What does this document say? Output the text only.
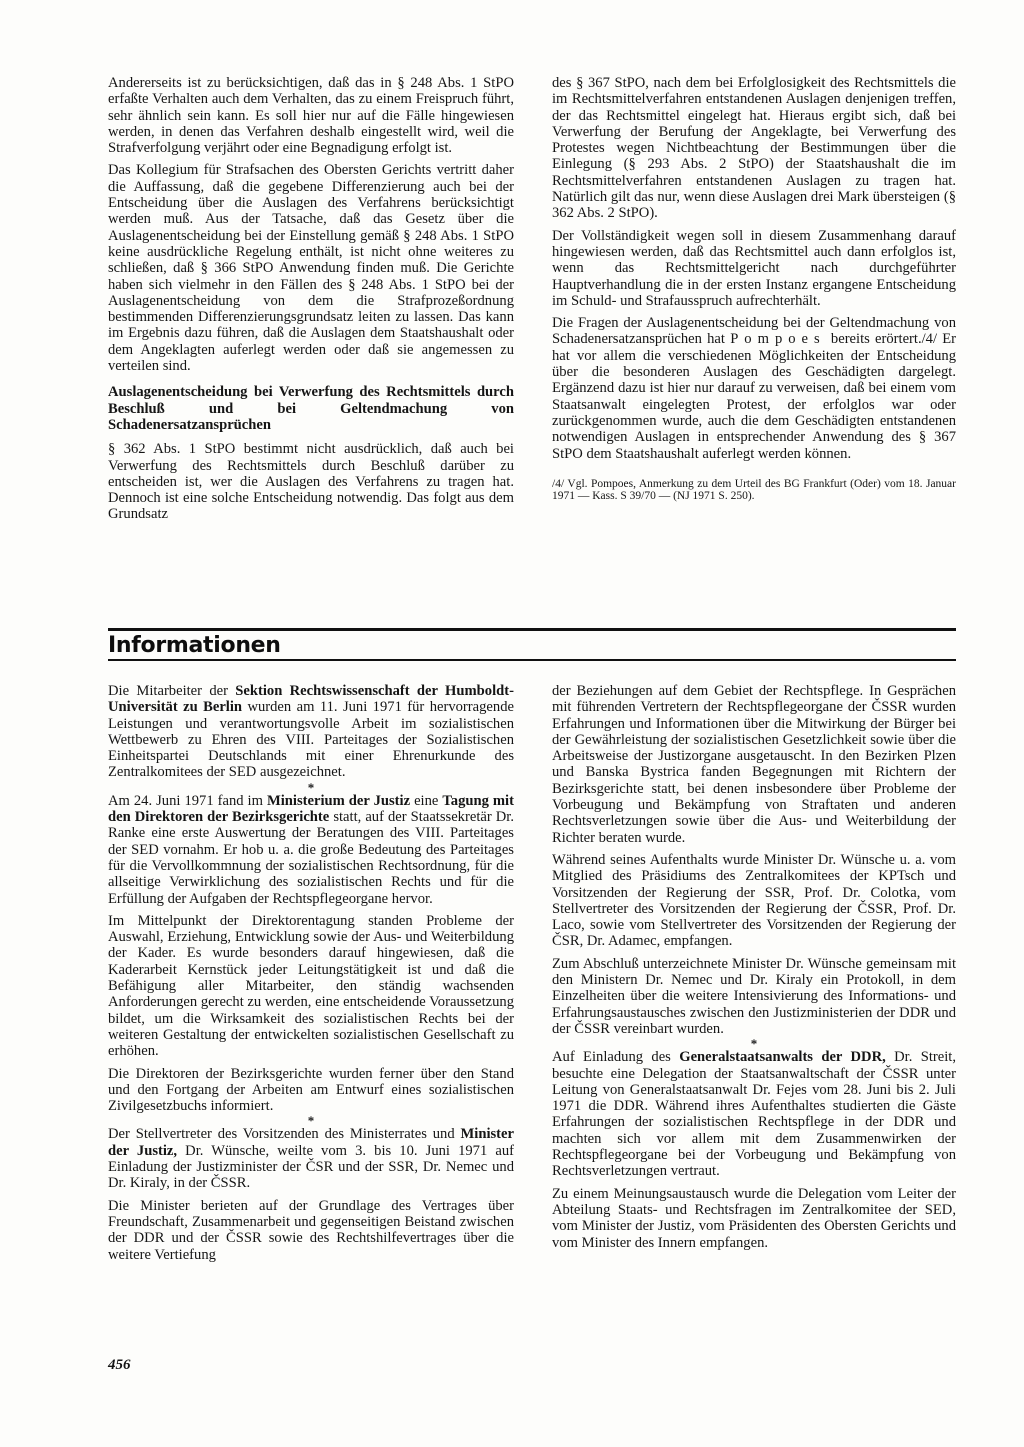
Andererseits ist zu berücksichtigen, daß das in § 248 Abs. 1 StPO erfaßte Verhalten auch dem Verhalten, das zu einem Freispruch führt, sehr ähnlich sein kann. Es soll hier nur auf die Fälle hingewiesen werden, in denen das Verfahren deshalb eingestellt wird, weil die Strafverfolgung verjährt oder eine Begnadigung erfolgt ist.

Das Kollegium für Strafsachen des Obersten Gerichts vertritt daher die Auffassung, daß die gegebene Differenzierung auch bei der Entscheidung über die Auslagen des Verfahrens berücksichtigt werden muß. Aus der Tatsache, daß das Gesetz über die Auslagenentscheidung bei der Einstellung gemäß § 248 Abs. 1 StPO keine ausdrückliche Regelung enthält, ist nicht ohne weiteres zu schließen, daß § 366 StPO Anwendung finden muß. Die Gerichte haben sich vielmehr in den Fällen des § 248 Abs. 1 StPO bei der Auslagenentscheidung von dem die Strafprozeßordnung bestimmenden Differenzierungsgrundsatz leiten zu lassen. Das kann im Ergebnis dazu führen, daß die Auslagen dem Staatshaushalt oder dem Angeklagten auferlegt werden oder daß sie angemessen zu verteilen sind.

Auslagenentscheidung bei Verwerfung des Rechtsmittels durch Beschluß und bei Geltendmachung von Schadenersatzansprüchen

§ 362 Abs. 1 StPO bestimmt nicht ausdrücklich, daß auch bei Verwerfung des Rechtsmittels durch Beschluß darüber zu entscheiden ist, wer die Auslagen des Verfahrens zu tragen hat. Dennoch ist eine solche Entscheidung notwendig. Das folgt aus dem Grundsatz

des § 367 StPO, nach dem bei Erfolglosigkeit des Rechtsmittels die im Rechtsmittelverfahren entstandenen Auslagen denjenigen treffen, der das Rechtsmittel eingelegt hat. Hieraus ergibt sich, daß bei Verwerfung der Berufung der Angeklagte, bei Verwerfung des Protestes wegen Nichtbeachtung der Bestimmungen über die Einlegung (§ 293 Abs. 2 StPO) der Staatshaushalt die im Rechtsmittelverfahren entstandenen Auslagen zu tragen hat. Natürlich gilt das nur, wenn diese Auslagen drei Mark übersteigen (§ 362 Abs. 2 StPO).

Der Vollständigkeit wegen soll in diesem Zusammenhang darauf hingewiesen werden, daß das Rechtsmittel auch dann erfolglos ist, wenn das Rechtsmittelgericht nach durchgeführter Hauptverhandlung die in der ersten Instanz ergangene Entscheidung im Schuld- und Strafausspruch aufrechterhält.

Die Fragen der Auslagenentscheidung bei der Geltendmachung von Schadenersatzansprüchen hat Pompoes bereits erörtert./4/ Er hat vor allem die verschiedenen Möglichkeiten der Entscheidung über die besonderen Auslagen des Geschädigten dargelegt. Ergänzend dazu ist hier nur darauf zu verweisen, daß bei einem vom Staatsanwalt eingelegten Protest, der erfolglos war oder zurückgenommen wurde, auch die dem Geschädigten entstandenen notwendigen Auslagen in entsprechender Anwendung des § 367 StPO dem Staatshaushalt auferlegt werden können.

/4/ Vgl. Pompoes, Anmerkung zu dem Urteil des BG Frankfurt (Oder) vom 18. Januar 1971 — Kass. S 39/70 — (NJ 1971 S. 250).

Informationen

Die Mitarbeiter der Sektion Rechtswissenschaft der Humboldt-Universität zu Berlin wurden am 11. Juni 1971 für hervorragende Leistungen und verantwortungsvolle Arbeit im sozialistischen Wettbewerb zu Ehren des VIII. Parteitages der Sozialistischen Einheitspartei Deutschlands mit einer Ehrenurkunde des Zentralkomitees der SED ausgezeichnet.

*

Am 24. Juni 1971 fand im Ministerium der Justiz eine Tagung mit den Direktoren der Bezirksgerichte statt, auf der Staatssekretär Dr. Ranke eine erste Auswertung der Beratungen des VIII. Parteitages der SED vornahm. Er hob u. a. die große Bedeutung des Parteitages für die Vervollkommnung der sozialistischen Rechtsordnung, für die allseitige Verwirklichung des sozialistischen Rechts und für die Erfüllung der Aufgaben der Rechtspflegeorgane hervor.

Im Mittelpunkt der Direktorentagung standen Probleme der Auswahl, Erziehung, Entwicklung sowie der Aus- und Weiterbildung der Kader. Es wurde besonders darauf hingewiesen, daß die Kaderarbeit Kernstück jeder Leitungstätigkeit ist und daß die Befähigung aller Mitarbeiter, den ständig wachsenden Anforderungen gerecht zu werden, eine entscheidende Voraussetzung bildet, um die Wirksamkeit des sozialistischen Rechts bei der weiteren Gestaltung der entwickelten sozialistischen Gesellschaft zu erhöhen.

Die Direktoren der Bezirksgerichte wurden ferner über den Stand und den Fortgang der Arbeiten am Entwurf eines sozialistischen Zivilgesetzbuchs informiert.

*

Der Stellvertreter des Vorsitzenden des Ministerrates und Minister der Justiz, Dr. Wünsche, weilte vom 3. bis 10. Juni 1971 auf Einladung der Justizminister der ČSR und der SSR, Dr. Nemec und Dr. Kiraly, in der ČSSR.

Die Minister berieten auf der Grundlage des Vertrages über Freundschaft, Zusammenarbeit und gegenseitigen Beistand zwischen der DDR und der ČSSR sowie des Rechtshilfevertrages über die weitere Vertiefung

der Beziehungen auf dem Gebiet der Rechtspflege. In Gesprächen mit führenden Vertretern der Rechtspflegeorgane der ČSSR wurden Erfahrungen und Informationen über die Mitwirkung der Bürger bei der Gewährleistung der sozialistischen Gesetzlichkeit sowie über die Arbeitsweise der Justizorgane ausgetauscht. In den Bezirken Plzen und Banska Bystrica fanden Begegnungen mit Richtern der Bezirksgerichte statt, bei denen insbesondere über Probleme der Vorbeugung und Bekämpfung von Straftaten und anderen Rechtsverletzungen sowie über die Aus- und Weiterbildung der Richter beraten wurde.

Während seines Aufenthalts wurde Minister Dr. Wünsche u. a. vom Mitglied des Präsidiums des Zentralkomitees der KPTsch und Vorsitzenden der Regierung der SSR, Prof. Dr. Colotka, vom Stellvertreter des Vorsitzenden der Regierung der ČSSR, Prof. Dr. Laco, sowie vom Stellvertreter des Vorsitzenden der Regierung der ČSR, Dr. Adamec, empfangen.

Zum Abschluß unterzeichnete Minister Dr. Wünsche gemeinsam mit den Ministern Dr. Nemec und Dr. Kiraly ein Protokoll, in dem Einzelheiten über die weitere Intensivierung des Informations- und Erfahrungsaustausches zwischen den Justizministerien der DDR und der ČSSR vereinbart wurden.

*

Auf Einladung des Generalstaatsanwalts der DDR, Dr. Streit, besuchte eine Delegation der Staatsanwaltschaft der ČSSR unter Leitung von Generalstaatsanwalt Dr. Fejes vom 28. Juni bis 2. Juli 1971 die DDR. Während ihres Aufenthaltes studierten die Gäste Erfahrungen der sozialistischen Rechtspflege in der DDR und machten sich vor allem mit dem Zusammenwirken der Rechtspflegeorgane bei der Vorbeugung und Bekämpfung von Rechtsverletzungen vertraut.

Zu einem Meinungsaustausch wurde die Delegation vom Leiter der Abteilung Staats- und Rechtsfragen im Zentralkomitee der SED, vom Minister der Justiz, vom Präsidenten des Obersten Gerichts und vom Minister des Innern empfangen.

456
